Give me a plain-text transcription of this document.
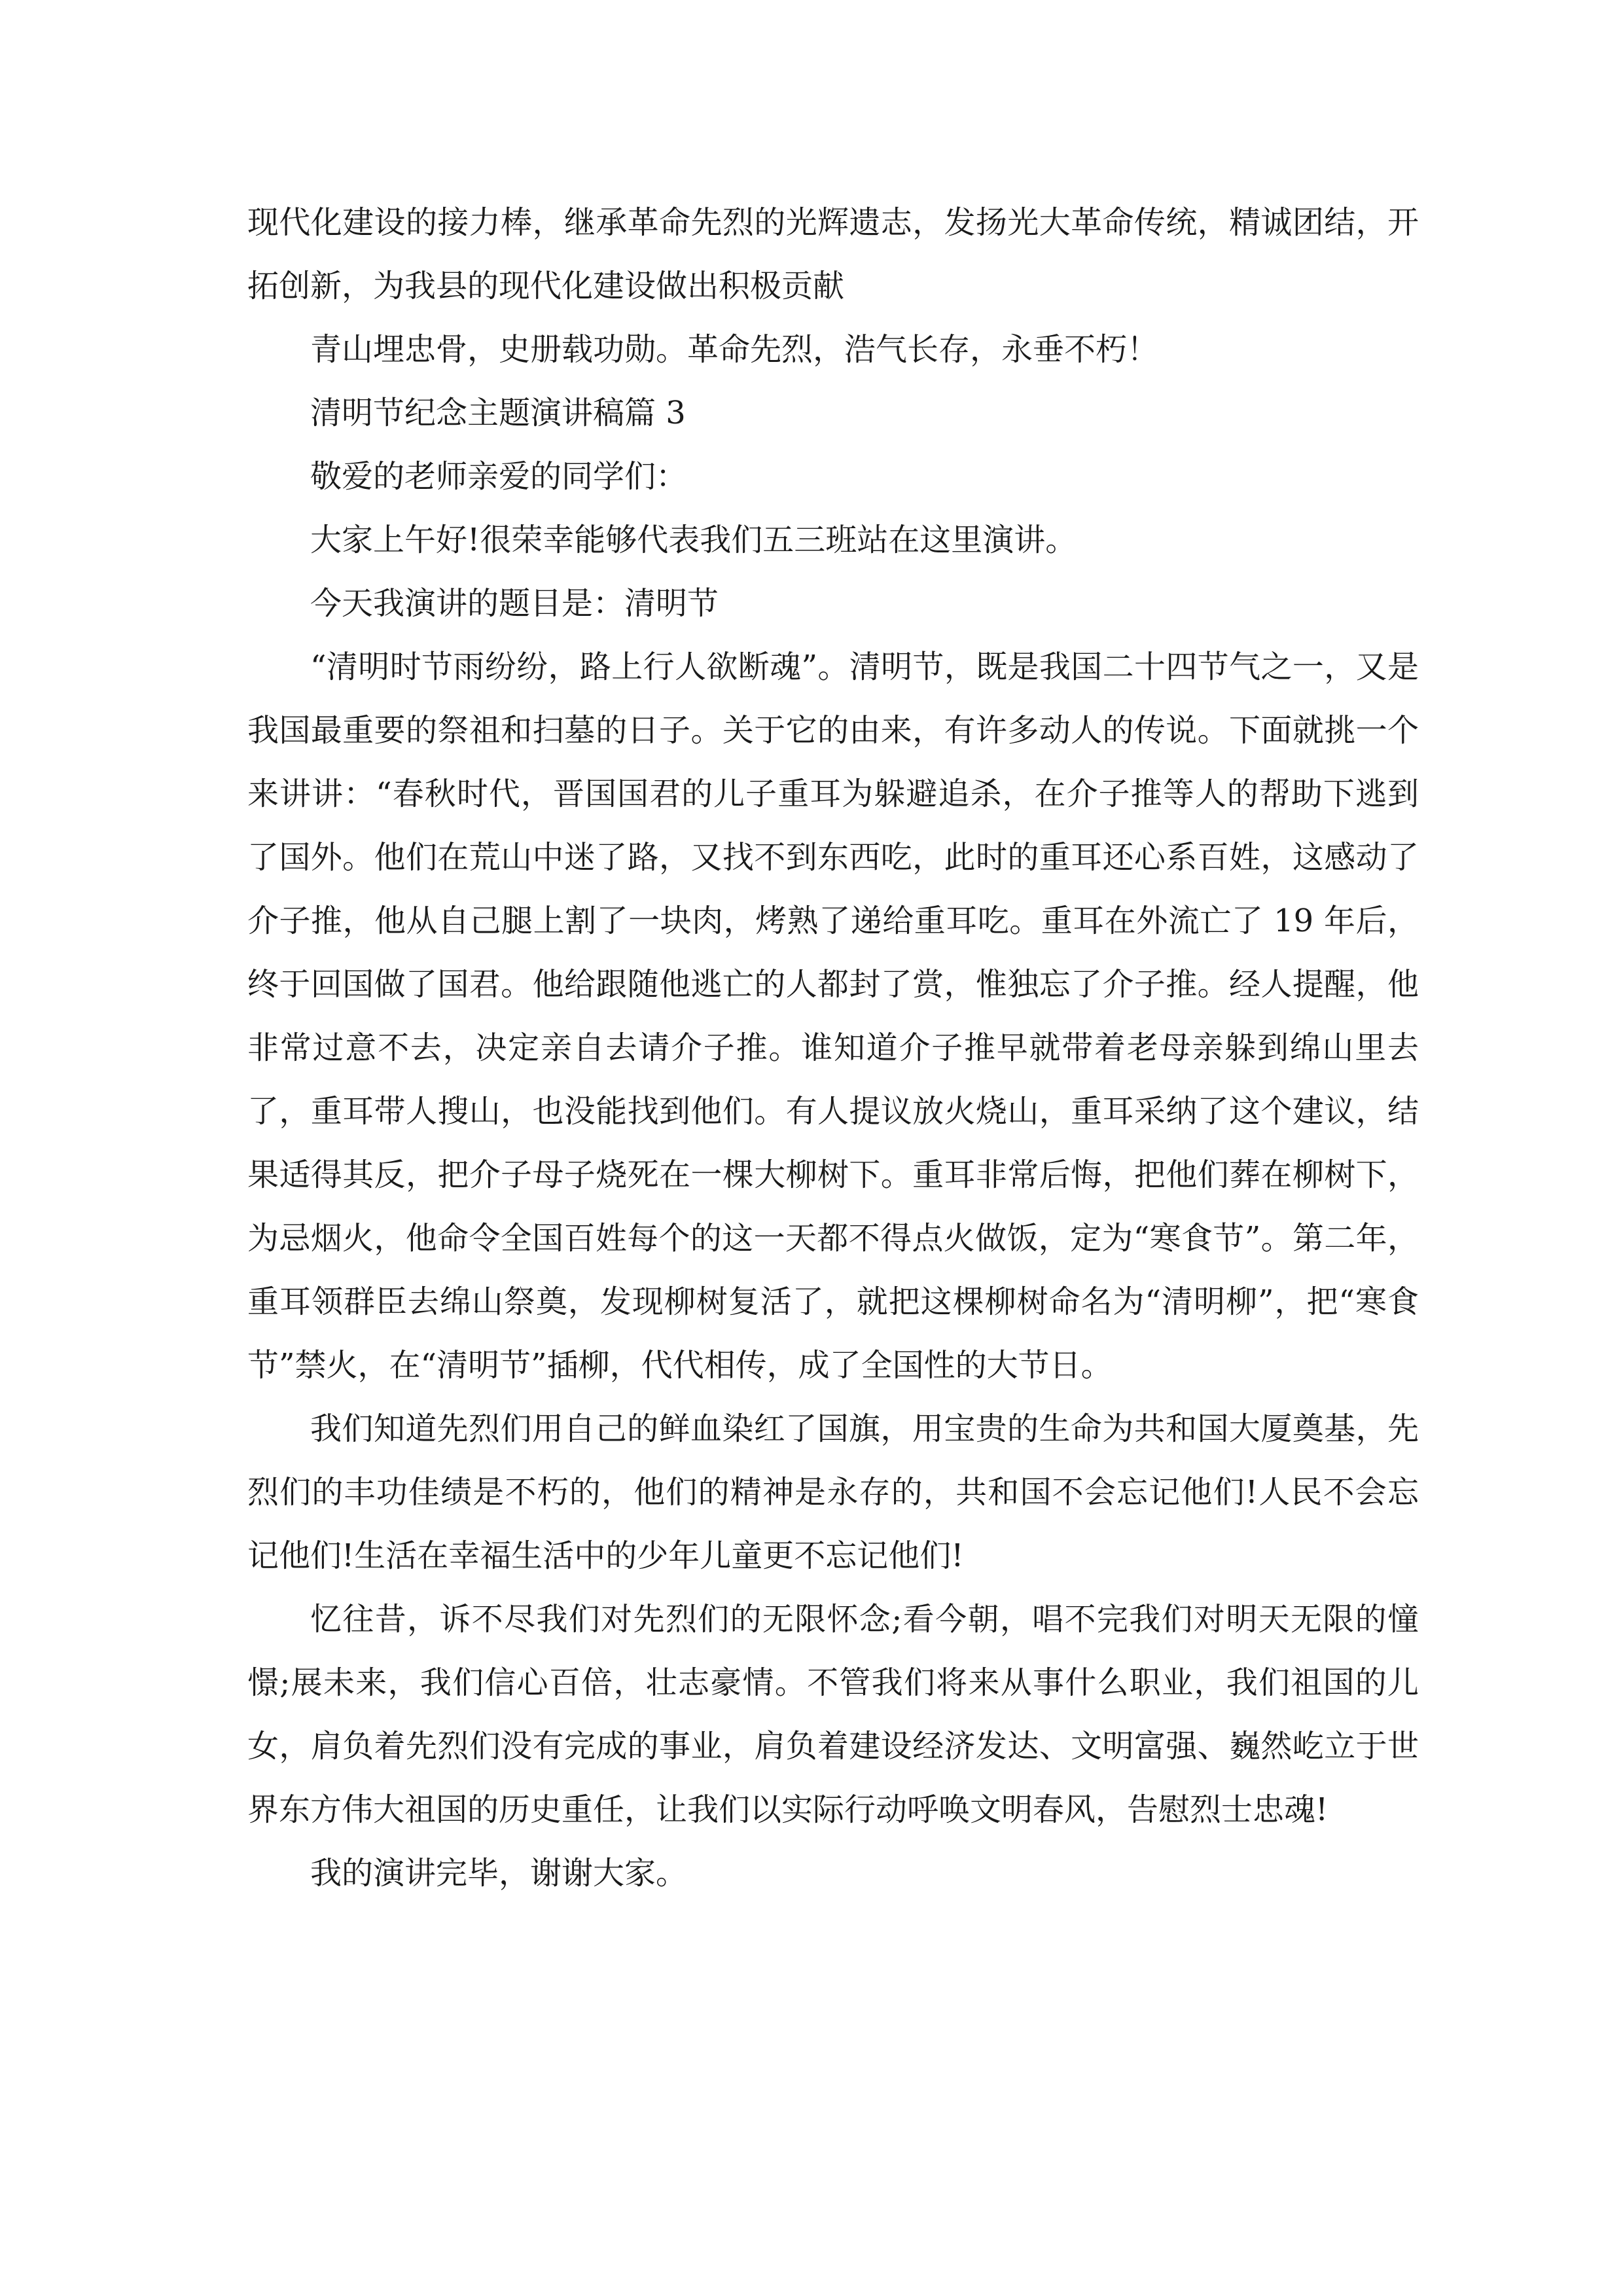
现代化建设的接力棒，继承革命先烈的光辉遗志，发扬光大革命传统，精诚团结，开拓创新，为我县的现代化建设做出积极贡献

青山埋忠骨，史册载功勋。革命先烈，浩气长存，永垂不朽！

清明节纪念主题演讲稿篇 3

敬爱的老师亲爱的同学们：

大家上午好!很荣幸能够代表我们五三班站在这里演讲。

今天我演讲的题目是：清明节

“清明时节雨纷纷，路上行人欲断魂”。清明节，既是我国二十四节气之一，又是我国最重要的祭祖和扫墓的日子。关于它的由来，有许多动人的传说。下面就挑一个来讲讲：“春秋时代，晋国国君的儿子重耳为躲避追杀，在介子推等人的帮助下逃到了国外。他们在荒山中迷了路，又找不到东西吃，此时的重耳还心系百姓，这感动了介子推，他从自己腿上割了一块肉，烤熟了递给重耳吃。重耳在外流亡了 19 年后，终于回国做了国君。他给跟随他逃亡的人都封了赏，惟独忘了介子推。经人提醒，他非常过意不去，决定亲自去请介子推。谁知道介子推早就带着老母亲躲到绵山里去了，重耳带人搜山，也没能找到他们。有人提议放火烧山，重耳采纳了这个建议，结果适得其反，把介子母子烧死在一棵大柳树下。重耳非常后悔，把他们葬在柳树下，为忌烟火，他命令全国百姓每个的这一天都不得点火做饭，定为“寒食节”。第二年，重耳领群臣去绵山祭奠，发现柳树复活了，就把这棵柳树命名为“清明柳”，把“寒食节”禁火，在“清明节”插柳，代代相传，成了全国性的大节日。

我们知道先烈们用自己的鲜血染红了国旗，用宝贵的生命为共和国大厦奠基，先烈们的丰功佳绩是不朽的，他们的精神是永存的，共和国不会忘记他们!人民不会忘记他们!生活在幸福生活中的少年儿童更不忘记他们!

忆往昔，诉不尽我们对先烈们的无限怀念;看今朝，唱不完我们对明天无限的憧憬;展未来，我们信心百倍，壮志豪情。不管我们将来从事什么职业，我们祖国的儿女，肩负着先烈们没有完成的事业，肩负着建设经济发达、文明富强、巍然屹立于世界东方伟大祖国的历史重任，让我们以实际行动呼唤文明春风，告慰烈士忠魂!

我的演讲完毕，谢谢大家。
